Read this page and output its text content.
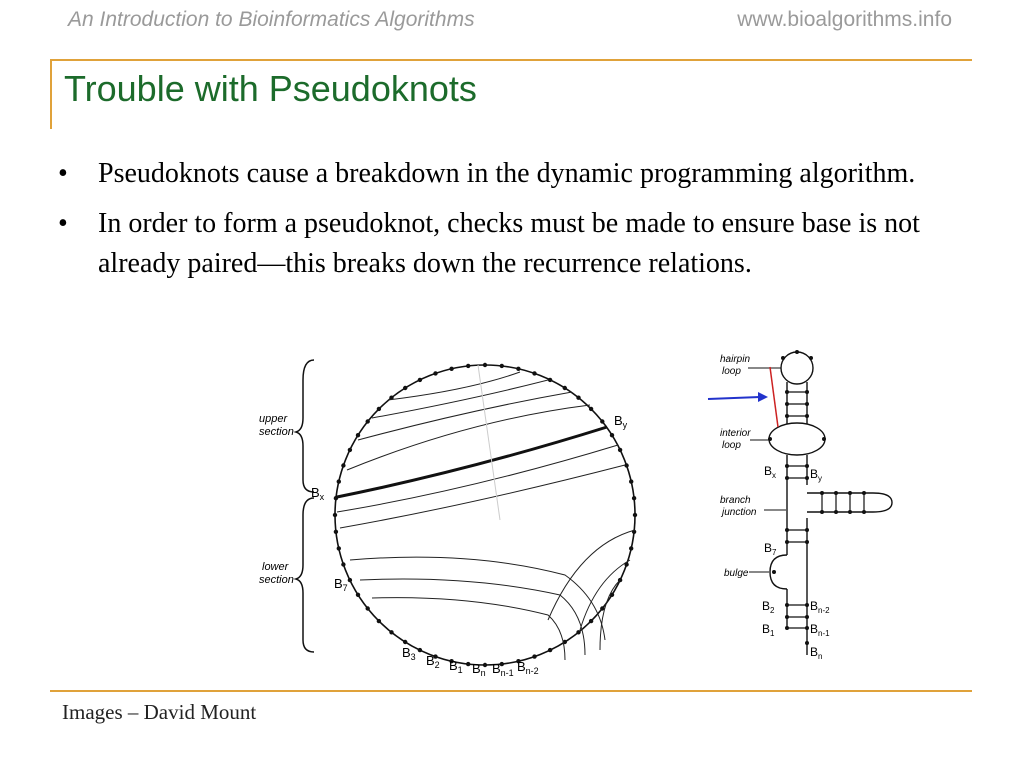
An Introduction to Bioinformatics Algorithms	www.bioalgorithms.info
Trouble with Pseudoknots
•	Pseudoknots cause a breakdown in the dynamic programming algorithm.
•	In order to form a pseudoknot, checks must be made to ensure base is not already paired—this breaks down the recurrence relations.
upper
section
lower
section
$B_x$
$B_y$
$B_7$
$B_3$ $B_2$ $B_1$ $B_n$ $B_{n-1}$ $B_{n-2}$
hairpin
loop
interior
loop
branch
junction
bulge
$B_x$	$B_y$
$B_7$
$B_2$
$B_1$
$B_{n-2}$
$B_{n-1}$
$B_n$
Images – David Mount
